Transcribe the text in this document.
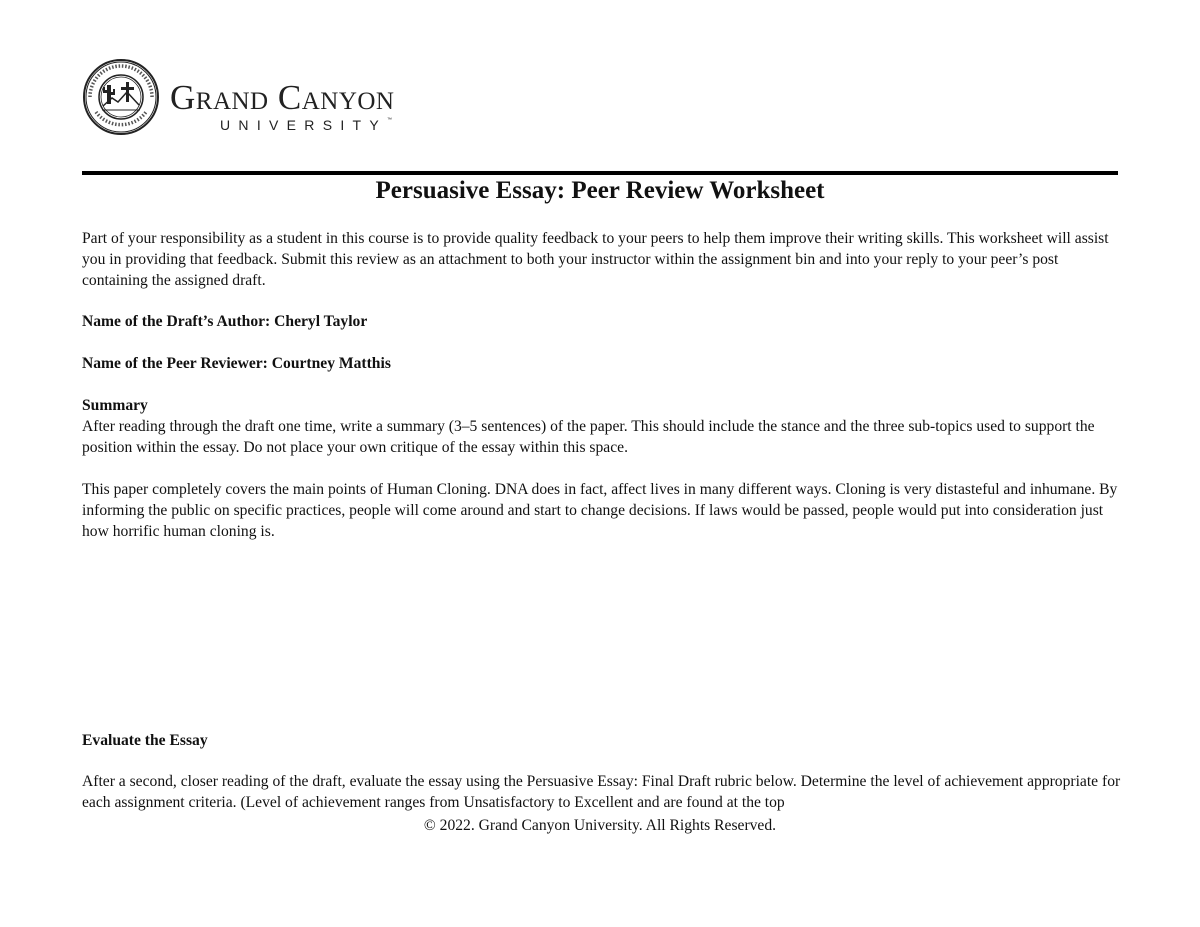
Grand Canyon
UNIVERSITY™
Persuasive Essay: Peer Review Worksheet

Part of your responsibility as a student in this course is to provide quality feedback to your peers to help them improve their writing skills. This worksheet will assist you in providing that feedback. Submit this review as an attachment to both your instructor within the assignment bin and into your reply to your peer’s post containing the assigned draft.

Name of the Draft’s Author: Cheryl Taylor

Name of the Peer Reviewer: Courtney Matthis

Summary

After reading through the draft one time, write a summary (3–5 sentences) of the paper. This should include the stance and the three sub-topics used to support the position within the essay. Do not place your own critique of the essay within this space.

This paper completely covers the main points of Human Cloning. DNA does in fact, affect lives in many different ways. Cloning is very distasteful and inhumane. By informing the public on specific practices, people will come around and start to change decisions. If laws would be passed, people would put into consideration just how horrific human cloning is.

Evaluate the Essay

After a second, closer reading of the draft, evaluate the essay using the Persuasive Essay: Final Draft rubric below. Determine the level of achievement appropriate for each assignment criteria. (Level of achievement ranges from Unsatisfactory to Excellent and are found at the top

© 2022. Grand Canyon University. All Rights Reserved.
